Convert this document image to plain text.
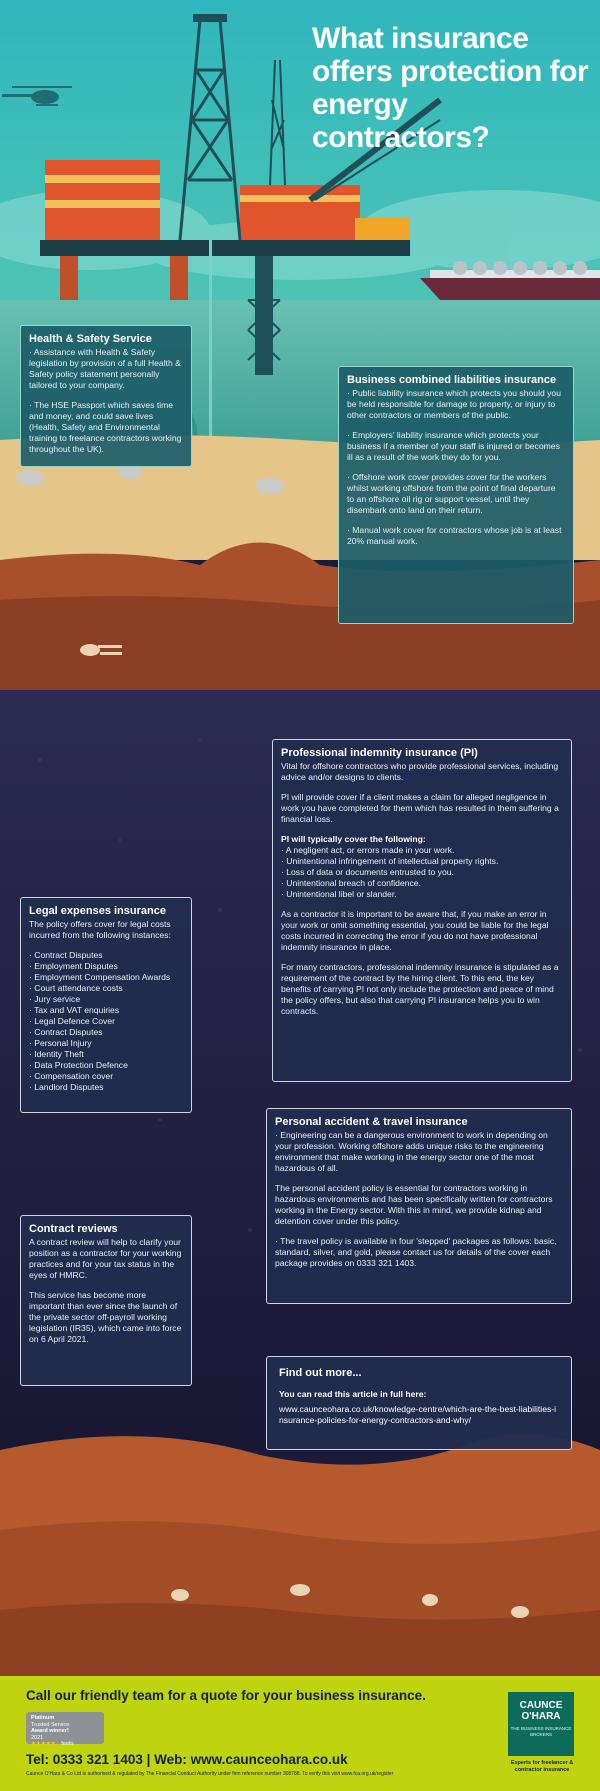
What insurance offers protection for energy contractors?
Health & Safety Service

· Assistance with Health & Safety legislation by provision of a full Health & Safety policy statement personally tailored to your company.

· The HSE Passport which saves time and money, and could save lives (Health, Safety and Environmental training to freelance contractors working throughout the UK).

Business combined liabilities insurance

· Public liability insurance which protects you should you be held responsible for damage to property, or injury to other contractors or members of the public.

· Employers' liability insurance which protects your business if a member of your staff is injured or becomes ill as a result of the work they do for you.

· Offshore work cover provides cover for the workers whilst working offshore from the point of final departure to an offshore oil rig or support vessel, until they disembark onto land on their return.

· Manual work cover for contractors whose job is at least 20% manual work.

Professional indemnity insurance (PI)

Vital for offshore contractors who provide professional services, including advice and/or designs to clients.

PI will provide cover if a client makes a claim for alleged negligence in work you have completed for them which has resulted in them suffering a financial loss.

PI will typically cover the following:
· A negligent act, or errors made in your work.
· Unintentional infringement of intellectual property rights.
· Loss of data or documents entrusted to you.
· Unintentional breach of confidence.
· Unintentional libel or slander.

As a contractor it is important to be aware that, if you make an error in your work or omit something essential, you could be liable for the legal costs incurred in correcting the error if you do not have professional indemnity insurance in place.

For many contractors, professional indemnity insurance is stipulated as a requirement of the contract by the hiring client. To this end, the key benefits of carrying PI not only include the protection and peace of mind the policy offers, but also that carrying PI insurance helps you to win contracts.

Legal expenses insurance

The policy offers cover for legal costs incurred from the following instances:

· Contract Disputes
· Employment Disputes
· Employment Compensation Awards
· Court attendance costs
· Jury service
· Tax and VAT enquiries
· Legal Defence Cover
· Contract Disputes
· Personal Injury
· Identity Theft
· Data Protection Defence
· Compensation cover
· Landlord Disputes
Personal accident & travel insurance

· Engineering can be a dangerous environment to work in depending on your profession. Working offshore adds unique risks to the engineering environment that make working in the energy sector one of the most hazardous of all.

The personal accident policy is essential for contractors working in hazardous environments and has been specifically written for contractors working in the Energy sector. With this in mind, we provide kidnap and detention cover under this policy.

· The travel policy is available in four 'stepped' packages as follows: basic, standard, silver, and gold, please contact us for details of the cover each package provides on 0333 321 1403.

Contract reviews

A contract review will help to clarify your position as a contractor for your working practices and for your tax status in the eyes of HMRC.

This service has become more important than ever since the launch of the private sector off-payroll working legislation (IR35), which came into force on 6 April 2021.

Find out more...
You can read this article in full here:
www.cauncеohara.co.uk/knowledge-centre/which-are-the-best-liabilities-insurance-policies-for-energy-contractors-and-why/
Call our friendly team for a quote for your business insurance.
Platinum
Trusted Service
Award winner!
2021
★★★★★ feefo
Tel: 0333 321 1403 | Web: www.caunceohara.co.uk
Caunce O'Hara & Co Ltd is authorised & regulated by The Financial Conduct Authority under firm reference number 308788. To verify this visit www.fca.org.uk/register
CAUNCE
O'HARA
THE BUSINESS INSURANCE BROKERS
Experts for freelancer & contractor insurance
